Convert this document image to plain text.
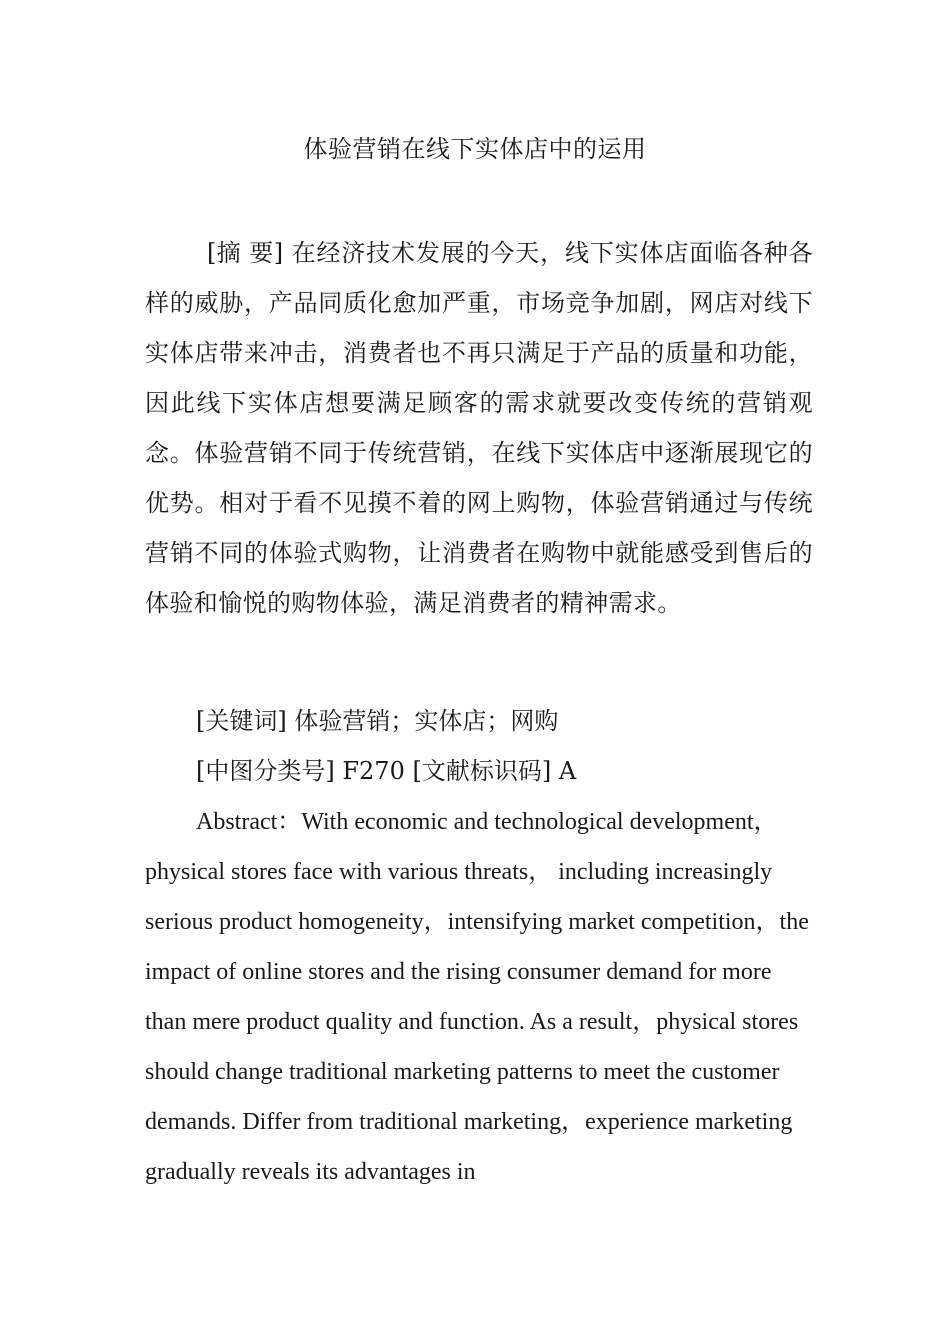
体验营销在线下实体店中的运用

[摘 要] 在经济技术发展的今天，线下实体店面临各种各样的威胁，产品同质化愈加严重，市场竞争加剧，网店对线下实体店带来冲击，消费者也不再只满足于产品的质量和功能，因此线下实体店想要满足顾客的需求就要改变传统的营销观念。体验营销不同于传统营销，在线下实体店中逐渐展现它的优势。相对于看不见摸不着的网上购物，体验营销通过与传统营销不同的体验式购物，让消费者在购物中就能感受到售后的体验和愉悦的购物体验，满足消费者的精神需求。

[关键词] 体验营销；实体店；网购
[中图分类号] F270 [文献标识码] A

Abstract：With economic and technological development，physical stores face with various threats， including increasingly serious product homogeneity，intensifying market competition，the impact of online stores and the rising consumer demand for more than mere product quality and function. As a result，physical stores should change traditional marketing patterns to meet the customer demands. Differ from traditional marketing，experience marketing gradually reveals its advantages in
